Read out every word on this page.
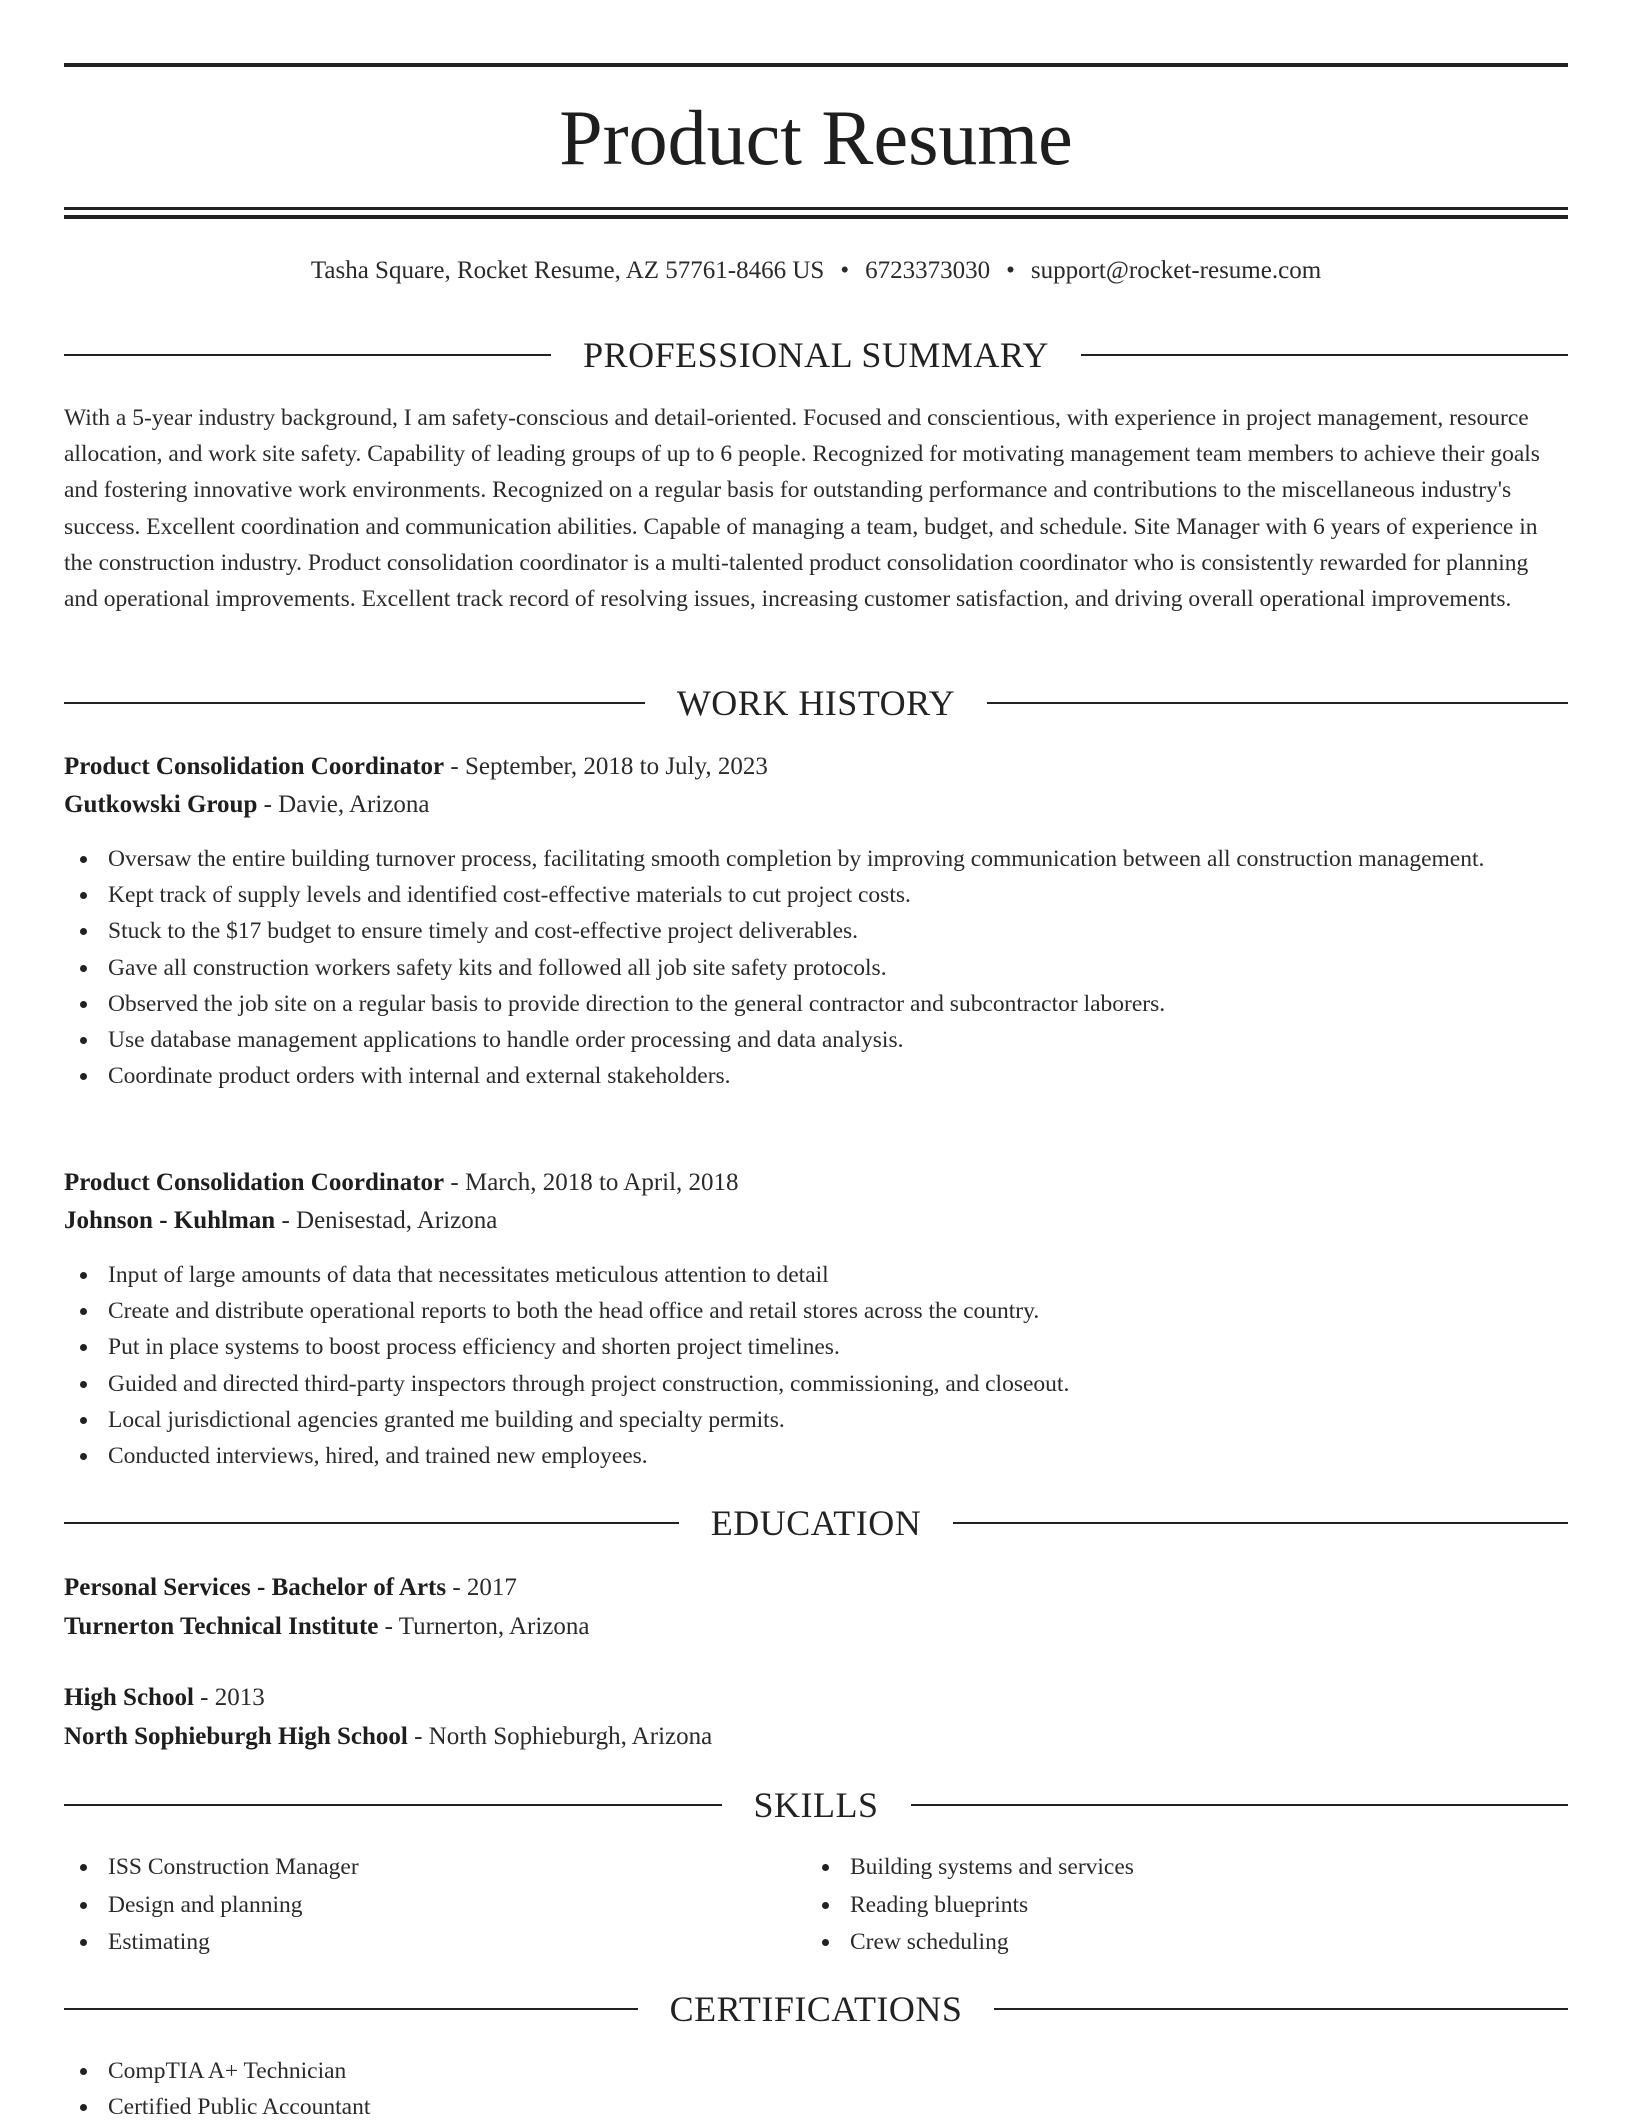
Product Resume
Tasha Square, Rocket Resume, AZ 57761-8466 US • 6723373030 • support@rocket-resume.com
PROFESSIONAL SUMMARY
With a 5-year industry background, I am safety-conscious and detail-oriented. Focused and conscientious, with experience in project management, resource allocation, and work site safety. Capability of leading groups of up to 6 people. Recognized for motivating management team members to achieve their goals and fostering innovative work environments. Recognized on a regular basis for outstanding performance and contributions to the miscellaneous industry's success. Excellent coordination and communication abilities. Capable of managing a team, budget, and schedule. Site Manager with 6 years of experience in the construction industry. Product consolidation coordinator is a multi-talented product consolidation coordinator who is consistently rewarded for planning and operational improvements. Excellent track record of resolving issues, increasing customer satisfaction, and driving overall operational improvements.
WORK HISTORY
Product Consolidation Coordinator - September, 2018 to July, 2023
Gutkowski Group - Davie, Arizona
Oversaw the entire building turnover process, facilitating smooth completion by improving communication between all construction management.
Kept track of supply levels and identified cost-effective materials to cut project costs.
Stuck to the $17 budget to ensure timely and cost-effective project deliverables.
Gave all construction workers safety kits and followed all job site safety protocols.
Observed the job site on a regular basis to provide direction to the general contractor and subcontractor laborers.
Use database management applications to handle order processing and data analysis.
Coordinate product orders with internal and external stakeholders.
Product Consolidation Coordinator - March, 2018 to April, 2018
Johnson - Kuhlman - Denisestad, Arizona
Input of large amounts of data that necessitates meticulous attention to detail
Create and distribute operational reports to both the head office and retail stores across the country.
Put in place systems to boost process efficiency and shorten project timelines.
Guided and directed third-party inspectors through project construction, commissioning, and closeout.
Local jurisdictional agencies granted me building and specialty permits.
Conducted interviews, hired, and trained new employees.
EDUCATION
Personal Services - Bachelor of Arts - 2017
Turnerton Technical Institute - Turnerton, Arizona
High School - 2013
North Sophieburgh High School - North Sophieburgh, Arizona
SKILLS
ISS Construction Manager
Design and planning
Estimating
Building systems and services
Reading blueprints
Crew scheduling
CERTIFICATIONS
CompTIA A+ Technician
Certified Public Accountant
